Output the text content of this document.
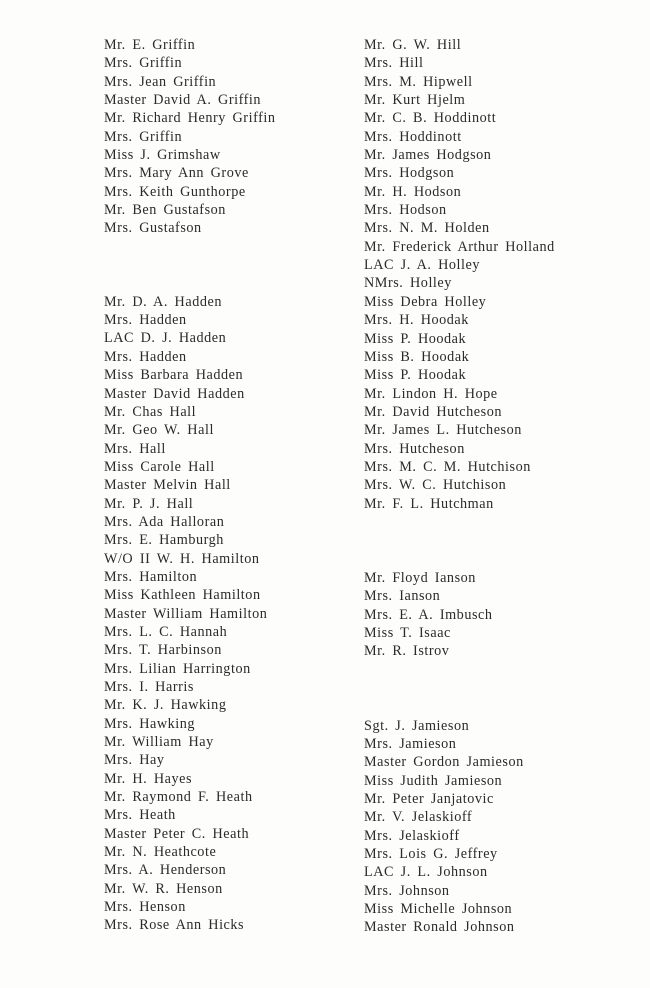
Mr. E. Griffin
Mrs. Griffin
Mrs. Jean Griffin
Master David A. Griffin
Mr. Richard Henry Griffin
Mrs. Griffin
Miss J. Grimshaw
Mrs. Mary Ann Grove
Mrs. Keith Gunthorpe
Mr. Ben Gustafson
Mrs. Gustafson
Mr. D. A. Hadden
Mrs. Hadden
LAC D. J. Hadden
Mrs. Hadden
Miss Barbara Hadden
Master David Hadden
Mr. Chas Hall
Mr. Geo W. Hall
Mrs. Hall
Miss Carole Hall
Master Melvin Hall
Mr. P. J. Hall
Mrs. Ada Halloran
Mrs. E. Hamburgh
W/O II W. H. Hamilton
Mrs. Hamilton
Miss Kathleen Hamilton
Master William Hamilton
Mrs. L. C. Hannah
Mrs. T. Harbinson
Mrs. Lilian Harrington
Mrs. I. Harris
Mr. K. J. Hawking
Mrs. Hawking
Mr. William Hay
Mrs. Hay
Mr. H. Hayes
Mr. Raymond F. Heath
Mrs. Heath
Master Peter C. Heath
Mr. N. Heathcote
Mrs. A. Henderson
Mr. W. R. Henson
Mrs. Henson
Mrs. Rose Ann Hicks
Mr. G. W. Hill
Mrs. Hill
Mrs. M. Hipwell
Mr. Kurt Hjelm
Mr. C. B. Hoddinott
Mrs. Hoddinott
Mr. James Hodgson
Mrs. Hodgson
Mr. H. Hodson
Mrs. Hodson
Mrs. N. M. Holden
Mr. Frederick Arthur Holland
LAC J. A. Holley
NMrs. Holley
Miss Debra Holley
Mrs. H. Hoodak
Miss P. Hoodak
Miss B. Hoodak
Miss P. Hoodak
Mr. Lindon H. Hope
Mr. David Hutcheson
Mr. James L. Hutcheson
Mrs. Hutcheson
Mrs. M. C. M. Hutchison
Mrs. W. C. Hutchison
Mr. F. L. Hutchman
Mr. Floyd Ianson
Mrs. Ianson
Mrs. E. A. Imbusch
Miss T. Isaac
Mr. R. Istrov
Sgt. J. Jamieson
Mrs. Jamieson
Master Gordon Jamieson
Miss Judith Jamieson
Mr. Peter Janjatovic
Mr. V. Jelaskioff
Mrs. Jelaskioff
Mrs. Lois G. Jeffrey
LAC J. L. Johnson
Mrs. Johnson
Miss Michelle Johnson
Master Ronald Johnson
